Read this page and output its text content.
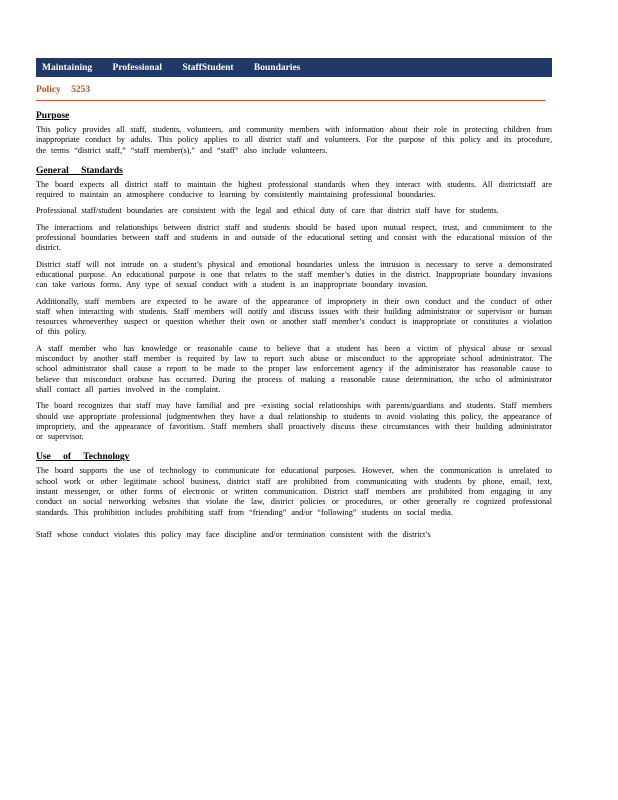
Maintaining Professional StaffStudent Boundaries
Policy 5253
Purpose

This policy provides all staff, students, volunteers, and community members with information about their role in protecting children from inappropriate conduct by adults. This policy applies to all district staff and volunteers. For the purpose of this policy and its procedure, the terms “district staff,” “staff member(s),” and “staff” also include volunteers.

General Standards

The board expects all district staff to maintain the highest professional standards when they interact with students. All districtstaff are required to maintain an atmosphere conducive to learning by consistently maintaining professional boundaries.

Professional staff/student boundaries are consistent with the legal and ethical duty of care that district staff have for students.

The interactions and relationships between district staff and students should be based upon mutual respect, trust, and commitment to the professional boundaries between staff and students in and outside of the educational setting and consist with the educational mission of the district.

District staff will not intrude on a student’s physical and emotional boundaries unless the intrusion is necessary to serve a demonstrated educational purpose. An educational purpose is one that relates to the staff member’s duties in the district. Inappropriate boundary invasions can take various forms. Any type of sexual conduct with a student is an inappropriate boundary invasion.

Additionally, staff members are expected to be aware of the appearance of impropriety in their own conduct and the conduct of other staff when interacting with students. Staff members will notify and discuss issues with their building administrator or supervisor or human resources wheneverthey suspect or question whether their own or another staff member’s conduct is inappropriate or constitutes a violation of this policy.

A staff member who has knowledge or reasonable cause to believe that a student has been a victim of physical abuse or sexual misconduct by another staff member is required by law to report such abuse or misconduct to the appropriate school administrator. The school administrator shall cause a report to be made to the proper law enforcement agency if the administrator has reasonable cause to believe that misconduct orabuse has occurred. During the process of making a reasonable cause determination, the scho ol administrator shall contact all parties involved in the complaint.

The board recognizes that staff may have familial and pre -existing social relationships with parents/guardians and students. Staff members should use appropriate professional judgmentwhen they have a dual relationship to students to avoid violating this policy, the appearance of impropriety, and the appearance of favoritism. Staff members shall proactively discuss these circumstances with their building administrator or supervisor.

Use of Technology

The board supports the use of technology to communicate for educational purposes. However, when the communication is unrelated to school work or other legitimate school business, district staff are prohibited from communicating with students by phone, email, text, instant messenger, or other forms of electronic or written communication. District staff members are prohibited from engaging in any conduct on social networking websites that violate the law, district policies or procedures, or other generally re cognized professional standards. This prohibition includes prohibiting staff from “friending” and/or “following” students on social media.

Staff whose conduct violates this policy may face discipline and/or termination consistent with the district’s
